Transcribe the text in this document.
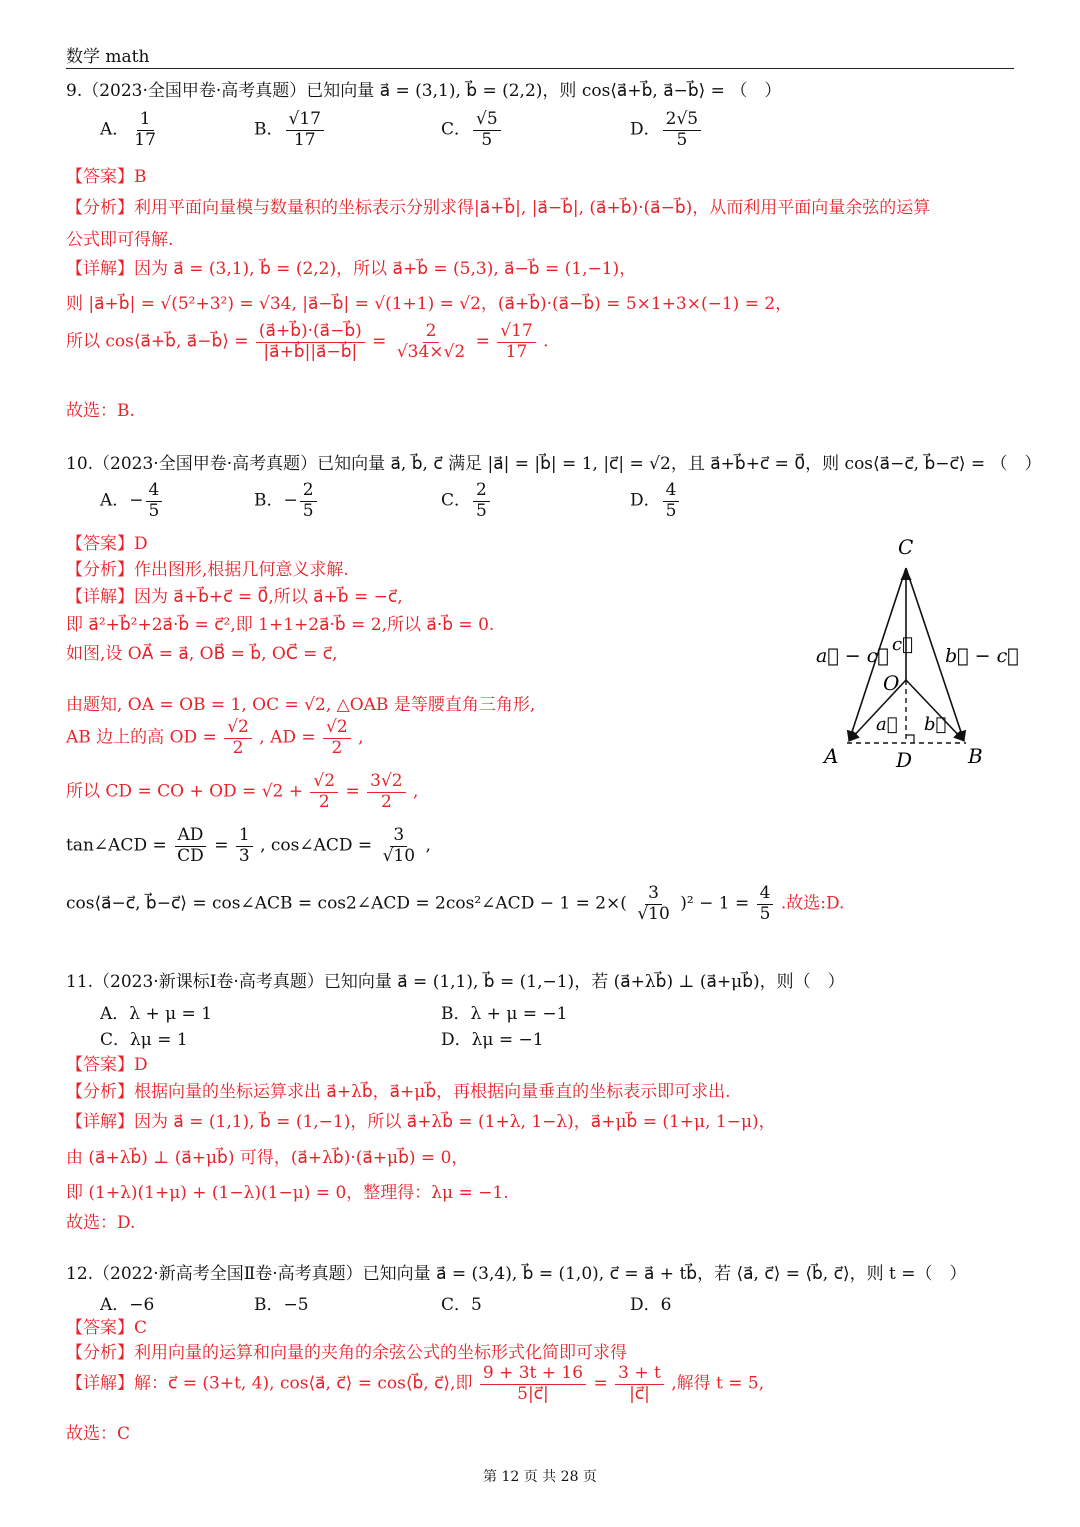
数学 math
9.（2023·全国甲卷·高考真题）已知向量 a⃗ = (3,1), b⃗ = (2,2)，则 cos⟨a⃗+b⃗, a⃗−b⃗⟩ = （　）
A． $\frac{1}{17}$	B． $\frac{√17}{17}$	C． $\frac{√5}{5}$	D． $\frac{2√5}{5}$
【答案】B
【分析】利用平面向量模与数量积的坐标表示分别求得|a⃗+b⃗|, |a⃗−b⃗|, (a⃗+b⃗)·(a⃗−b⃗)，从而利用平面向量余弦的运算
公式即可得解.
【详解】因为 a⃗ = (3,1), b⃗ = (2,2)，所以 a⃗+b⃗ = (5,3), a⃗−b⃗ = (1,−1)，
则 |a⃗+b⃗| = √(5²+3²) = √34, |a⃗−b⃗| = √(1+1) = √2，(a⃗+b⃗)·(a⃗−b⃗) = 5×1+3×(−1) = 2，
所以 cos⟨a⃗+b⃗, a⃗−b⃗⟩ = $\frac{(a⃗+b⃗)\cdot(a⃗-b⃗)}{|a⃗+b⃗||a⃗-b⃗|} = \frac{2}{√34\times√2} = \frac{√17}{17}$ .
故选：B.
10.（2023·全国甲卷·高考真题）已知向量 a⃗, b⃗, c⃗ 满足 |a⃗| = |b⃗| = 1, |c⃗| = √2，且 a⃗+b⃗+c⃗ = 0⃗，则 cos⟨a⃗−c⃗, b⃗−c⃗⟩ = （　）
A．− $\frac{4}{5}$	B．− $\frac{2}{5}$	C． $\frac{2}{5}$	D． $\frac{4}{5}$
【答案】D
【分析】作出图形,根据几何意义求解.
【详解】因为 a⃗+b⃗+c⃗ = 0⃗,所以 a⃗+b⃗ = −c⃗,
即 a⃗²+b⃗²+2a⃗·b⃗ = c⃗²,即 1+1+2a⃗·b⃗ = 2,所以 a⃗·b⃗ = 0.
如图,设 OA⃗ = a⃗, OB⃗ = b⃗, OC⃗ = c⃗,
由题知, OA = OB = 1, OC = √2, △OAB 是等腰直角三角形,
AB 边上的高 OD = $\frac{√2}{2}$ , AD = $\frac{√2}{2}$ ,
所以 CD = CO + OD = $√2 + \frac{√2}{2} = \frac{3√2}{2}$ ,
tan∠ACD = $\frac{AD}{CD} = \frac{1}{3}$ , cos∠ACD = $\frac{3}{√10}$ ,
cos⟨a⃗−c⃗, b⃗−c⃗⟩ = cos∠ACB = cos2∠ACD = 2cos²∠ACD − $1 = 2\times( \frac{3}{√10} )^2 - 1 = \frac{4}{5}$ .故选:D.
C
O
A	B
D
a⃗ − c⃗	b⃗ − c⃗
c⃗
a⃗ b⃗
11.（2023·新课标Ⅰ卷·高考真题）已知向量 a⃗ = (1,1), b⃗ = (1,−1)，若 (a⃗+λb⃗) ⊥ (a⃗+μb⃗)，则（　）
A．λ + μ = 1	B．λ + μ = −1
C．λμ = 1	D．λμ = −1
【答案】D
【分析】根据向量的坐标运算求出 a⃗+λb⃗，a⃗+μb⃗，再根据向量垂直的坐标表示即可求出.
【详解】因为 a⃗ = (1,1), b⃗ = (1,−1)，所以 a⃗+λb⃗ = (1+λ, 1−λ)，a⃗+μb⃗ = (1+μ, 1−μ)，
由 (a⃗+λb⃗) ⊥ (a⃗+μb⃗) 可得，(a⃗+λb⃗)·(a⃗+μb⃗) = 0，
即 (1+λ)(1+μ) + (1−λ)(1−μ) = 0，整理得：λμ = −1.
故选：D.
12.（2022·新高考全国Ⅱ卷·高考真题）已知向量 a⃗ = (3,4), b⃗ = (1,0), c⃗ = a⃗ + tb⃗，若 ⟨a⃗, c⃗⟩ = ⟨b⃗, c⃗⟩，则 t =（　）
A．−6	B．−5	C．5	D．6
【答案】C
【分析】利用向量的运算和向量的夹角的余弦公式的坐标形式化简即可求得
【详解】解：c⃗ = (3+t, 4), cos⟨a⃗, c⃗⟩ = cos⟨b⃗, c⃗⟩,即 $\frac{9 + 3t + 16}{5|c⃗|} = \frac{3 + t}{|c⃗|}$ ,解得 t = 5,
故选：C
第 12 页 共 28 页
